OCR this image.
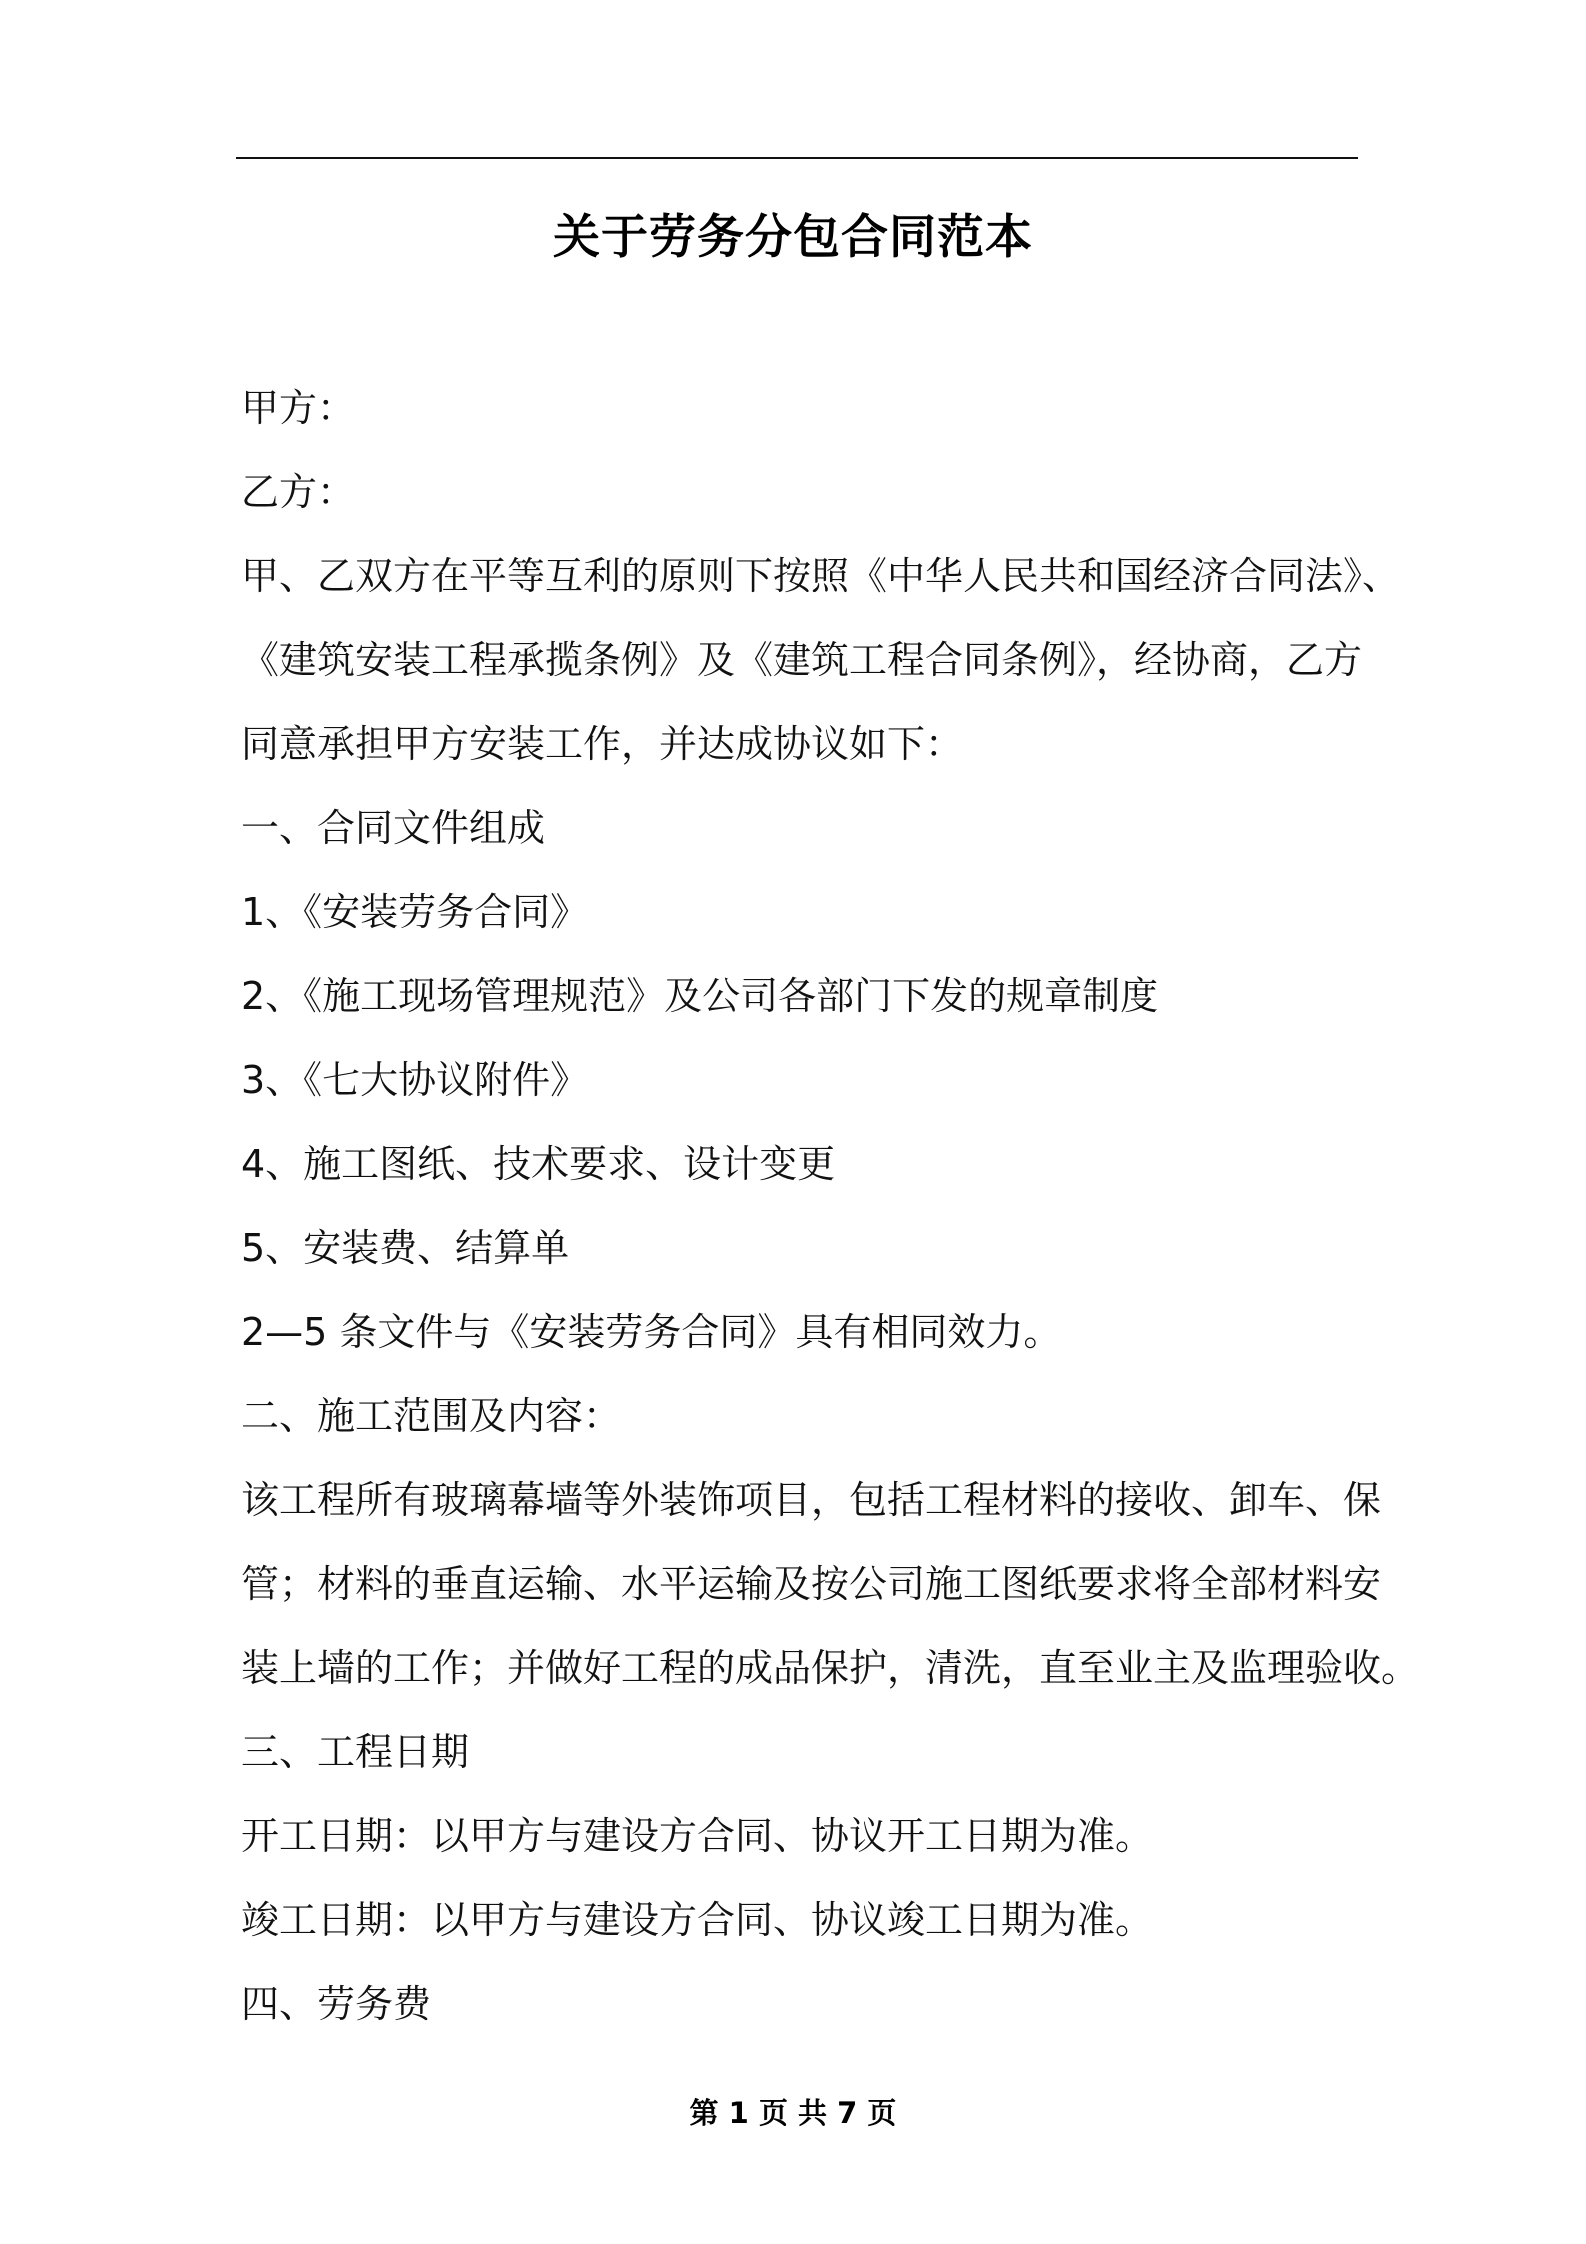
关于劳务分包合同范本
甲方：
乙方：
甲、乙双方在平等互利的原则下按照《中华人民共和国经济合同法》、
《建筑安装工程承揽条例》及《建筑工程合同条例》，经协商，乙方
同意承担甲方安装工作，并达成协议如下：
一、合同文件组成
1、《安装劳务合同》
2、《施工现场管理规范》及公司各部门下发的规章制度
3、《七大协议附件》
4、施工图纸、技术要求、设计变更
5、安装费、结算单
2—5 条文件与《安装劳务合同》具有相同效力。
二、施工范围及内容：
该工程所有玻璃幕墙等外装饰项目，包括工程材料的接收、卸车、保
管；材料的垂直运输、水平运输及按公司施工图纸要求将全部材料安
装上墙的工作；并做好工程的成品保护，清洗，直至业主及监理验收。
三、工程日期
开工日期：以甲方与建设方合同、协议开工日期为准。
竣工日期：以甲方与建设方合同、协议竣工日期为准。
四、劳务费
第 1 页 共 7 页
